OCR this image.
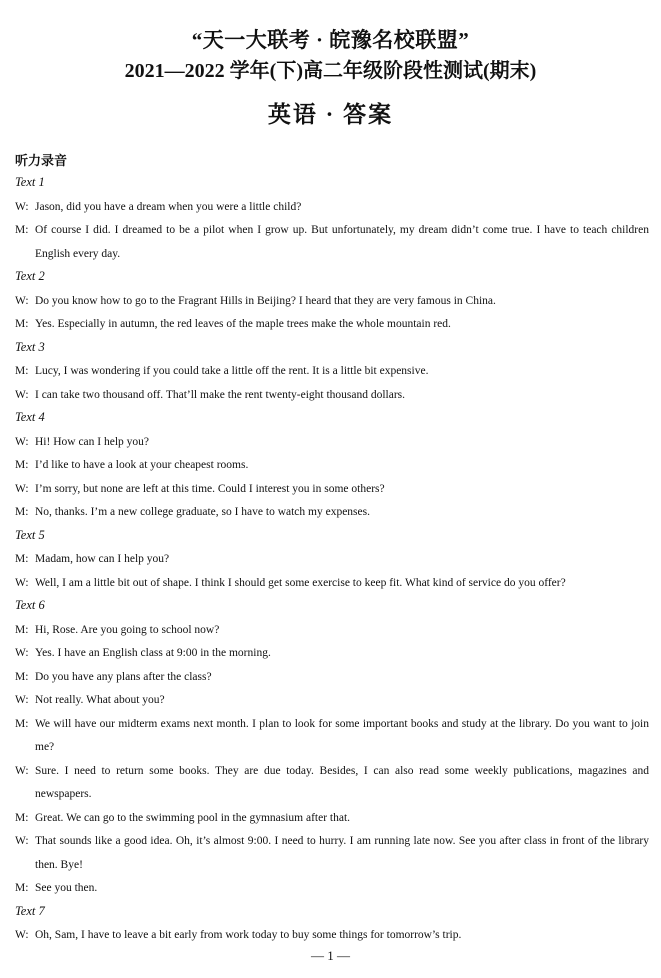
“天一大联考 · 皖豫名校联盟”
2021—2022 学年(下)高二年级阶段性测试(期末)
英语 · 答案
听力录音
Text 1
W: Jason, did you have a dream when you were a little child?
M: Of course I did. I dreamed to be a pilot when I grow up. But unfortunately, my dream didn’t come true. I have to teach children English every day.
Text 2
W: Do you know how to go to the Fragrant Hills in Beijing? I heard that they are very famous in China.
M: Yes. Especially in autumn, the red leaves of the maple trees make the whole mountain red.
Text 3
M: Lucy, I was wondering if you could take a little off the rent. It is a little bit expensive.
W: I can take two thousand off. That’ll make the rent twenty-eight thousand dollars.
Text 4
W: Hi! How can I help you?
M: I’d like to have a look at your cheapest rooms.
W: I’m sorry, but none are left at this time. Could I interest you in some others?
M: No, thanks. I’m a new college graduate, so I have to watch my expenses.
Text 5
M: Madam, how can I help you?
W: Well, I am a little bit out of shape. I think I should get some exercise to keep fit. What kind of service do you offer?
Text 6
M: Hi, Rose. Are you going to school now?
W: Yes. I have an English class at 9:00 in the morning.
M: Do you have any plans after the class?
W: Not really. What about you?
M: We will have our midterm exams next month. I plan to look for some important books and study at the library. Do you want to join me?
W: Sure. I need to return some books. They are due today. Besides, I can also read some weekly publications, magazines and newspapers.
M: Great. We can go to the swimming pool in the gymnasium after that.
W: That sounds like a good idea. Oh, it’s almost 9:00. I need to hurry. I am running late now. See you after class in front of the library then. Bye!
M: See you then.
Text 7
W: Oh, Sam, I have to leave a bit early from work today to buy some things for tomorrow’s trip.
— 1 —
